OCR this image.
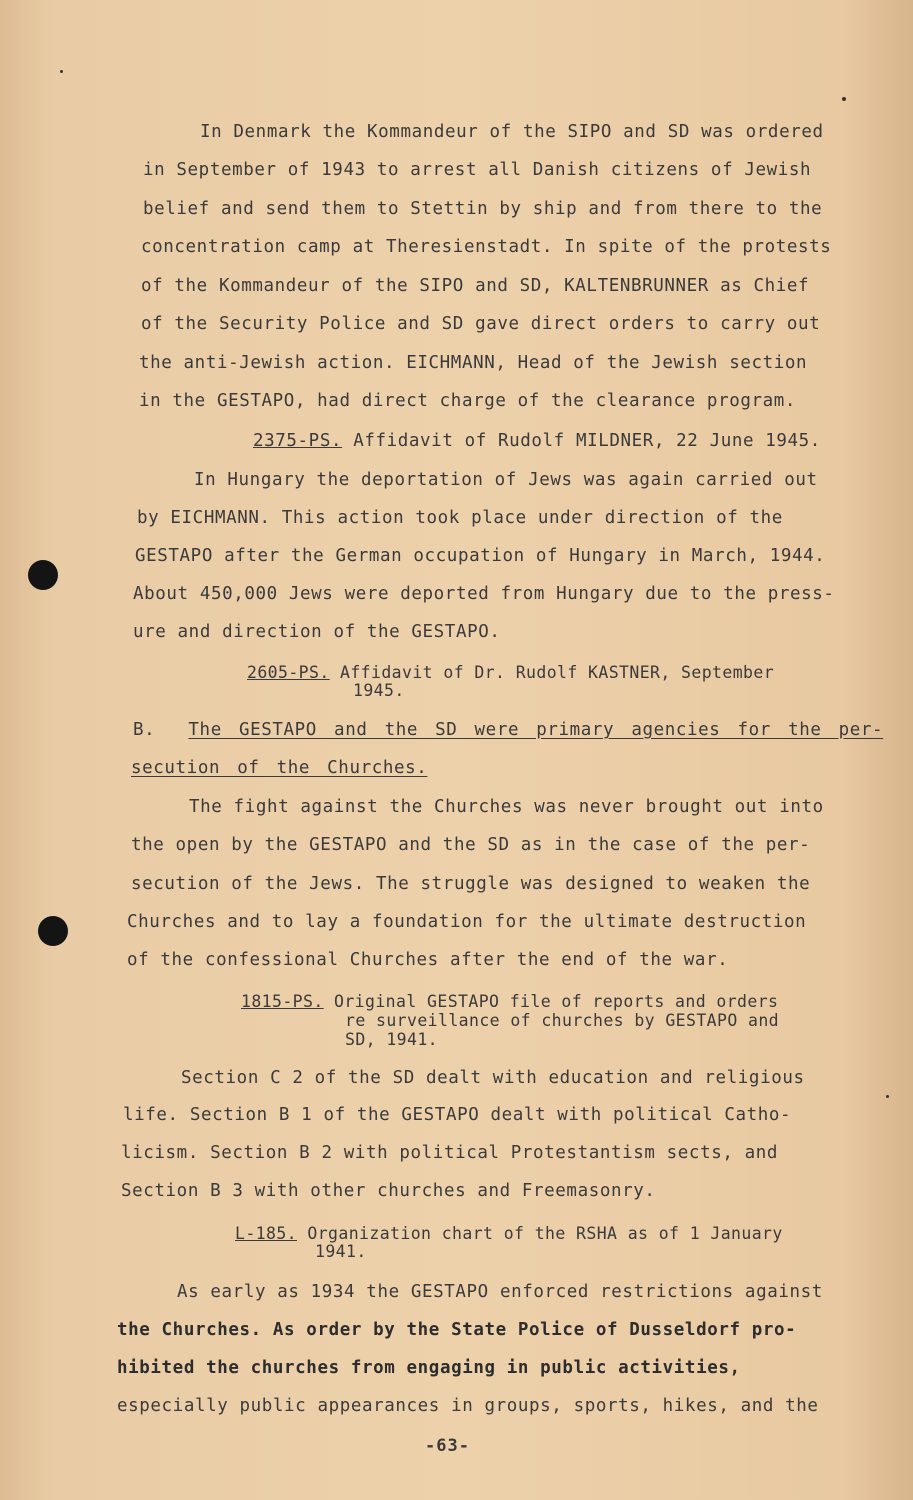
In Denmark the Kommandeur of the SIPO and SD was ordered
in September of 1943 to arrest all Danish citizens of Jewish
belief and send them to Stettin by ship and from there to the
concentration camp at Theresienstadt. In spite of the protests
of the Kommandeur of the SIPO and SD, KALTENBRUNNER as Chief
of the Security Police and SD gave direct orders to carry out
the anti-Jewish action. EICHMANN, Head of the Jewish section
in the GESTAPO, had direct charge of the clearance program.
2375-PS. Affidavit of Rudolf MILDNER, 22 June 1945.
In Hungary the deportation of Jews was again carried out
by EICHMANN. This action took place under direction of the
GESTAPO after the German occupation of Hungary in March, 1944.
About 450,000 Jews were deported from Hungary due to the press-
ure and direction of the GESTAPO.
2605-PS. Affidavit of Dr. Rudolf KASTNER, September
1945.
B. The GESTAPO and the SD were primary agencies for the per-
secution of the Churches.
The fight against the Churches was never brought out into
the open by the GESTAPO and the SD as in the case of the per-
secution of the Jews. The struggle was designed to weaken the
Churches and to lay a foundation for the ultimate destruction
of the confessional Churches after the end of the war.
1815-PS. Original GESTAPO file of reports and orders
re surveillance of churches by GESTAPO and
SD, 1941.
Section C 2 of the SD dealt with education and religious
life. Section B 1 of the GESTAPO dealt with political Catho-
licism. Section B 2 with political Protestantism sects, and
Section B 3 with other churches and Freemasonry.
L-185. Organization chart of the RSHA as of 1 January
1941.
As early as 1934 the GESTAPO enforced restrictions against
the Churches. As order by the State Police of Dusseldorf pro-
hibited the churches from engaging in public activities,
especially public appearances in groups, sports, hikes, and the
-63-
